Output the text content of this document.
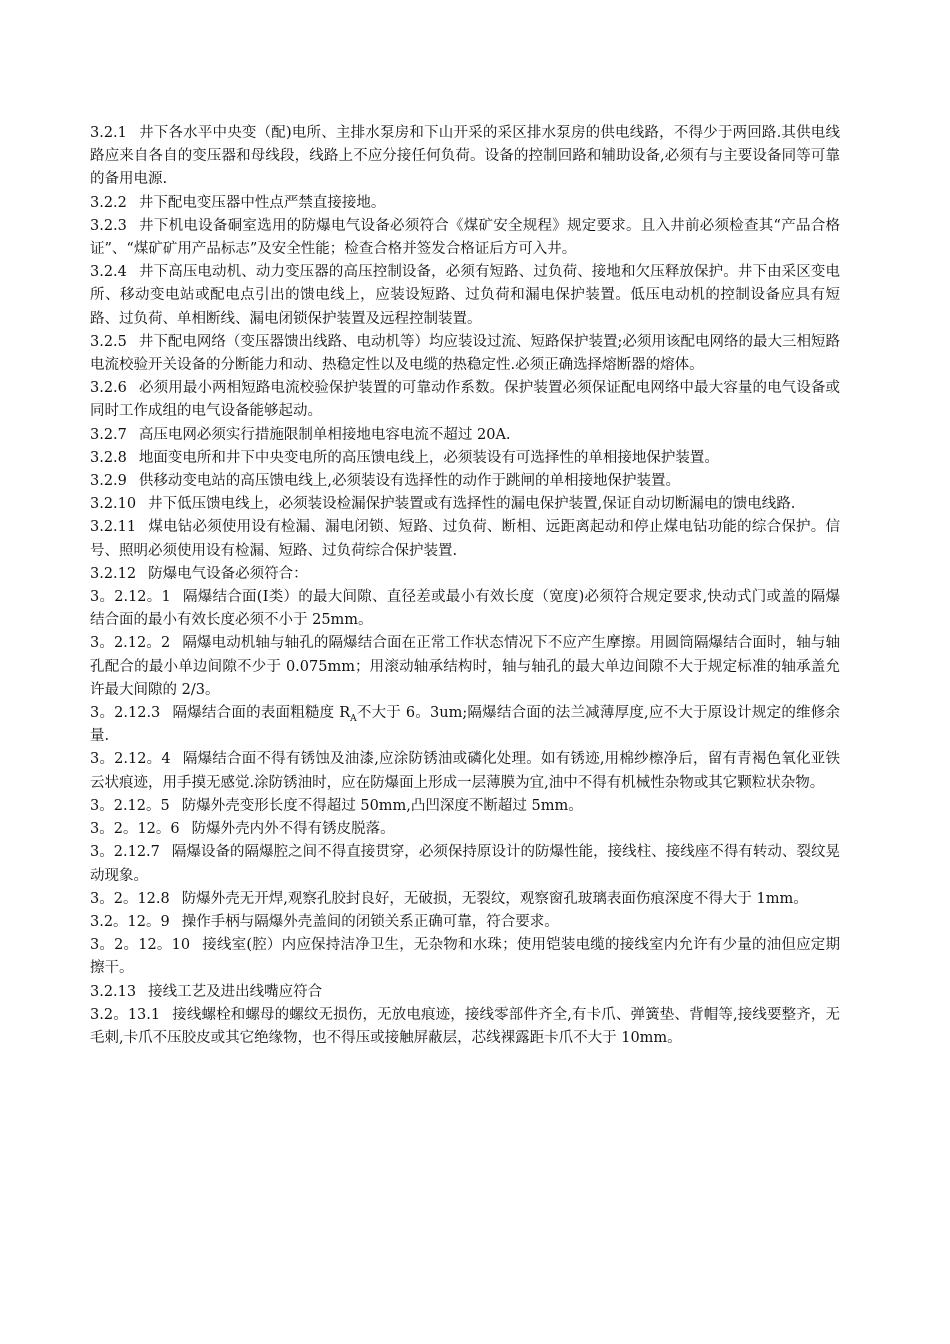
3.2.1 井下各水平中央变（配)电所、主排水泵房和下山开采的采区排水泵房的供电线路，不得少于两回路.其供电线路应来自各自的变压器和母线段，线路上不应分接任何负荷。设备的控制回路和辅助设备,必须有与主要设备同等可靠的备用电源.

3.2.2 井下配电变压器中性点严禁直接接地。

3.2.3 井下机电设备硐室选用的防爆电气设备必须符合《煤矿安全规程》规定要求。且入井前必须检查其“产品合格证”、“煤矿矿用产品标志”及安全性能；检查合格并签发合格证后方可入井。

3.2.4 井下高压电动机、动力变压器的高压控制设备，必须有短路、过负荷、接地和欠压释放保护。井下由采区变电所、移动变电站或配电点引出的馈电线上，应装设短路、过负荷和漏电保护装置。低压电动机的控制设备应具有短路、过负荷、单相断线、漏电闭锁保护装置及远程控制装置。

3.2.5 井下配电网络（变压器馈出线路、电动机等）均应装设过流、短路保护装置;必须用该配电网络的最大三相短路电流校验开关设备的分断能力和动、热稳定性以及电缆的热稳定性.必须正确选择熔断器的熔体。

3.2.6 必须用最小两相短路电流校验保护装置的可靠动作系数。保护装置必须保证配电网络中最大容量的电气设备或同时工作成组的电气设备能够起动。

3.2.7 高压电网必须实行措施限制单相接地电容电流不超过 20A.

3.2.8 地面变电所和井下中央变电所的高压馈电线上，必须装设有可选择性的单相接地保护装置。

3.2.9 供移动变电站的高压馈电线上,必须装设有选择性的动作于跳闸的单相接地保护装置。

3.2.10 井下低压馈电线上，必须装设检漏保护装置或有选择性的漏电保护装置,保证自动切断漏电的馈电线路.

3.2.11 煤电钻必须使用设有检漏、漏电闭锁、短路、过负荷、断相、远距离起动和停止煤电钻功能的综合保护。信号、照明必须使用设有检漏、短路、过负荷综合保护装置.

3.2.12 防爆电气设备必须符合：

3。2.12。1 隔爆结合面(Ⅰ类）的最大间隙、直径差或最小有效长度（宽度)必须符合规定要求,快动式门或盖的隔爆结合面的最小有效长度必须不小于 25mm。

3。2.12。2 隔爆电动机轴与轴孔的隔爆结合面在正常工作状态情况下不应产生摩擦。用圆筒隔爆结合面时，轴与轴孔配合的最小单边间隙不少于 0.075mm；用滚动轴承结构时，轴与轴孔的最大单边间隙不大于规定标准的轴承盖允许最大间隙的 2/3。

3。2.12.3 隔爆结合面的表面粗糙度 $R_A$不大于 6。3um;隔爆结合面的法兰减薄厚度,应不大于原设计规定的维修余量.

3。2.12。4 隔爆结合面不得有锈蚀及油漆,应涂防锈油或磷化处理。如有锈迹,用棉纱檫净后，留有青褐色氧化亚铁云状痕迹，用手摸无感觉.涂防锈油时，应在防爆面上形成一层薄膜为宜,油中不得有机械性杂物或其它颗粒状杂物。

3。2.12。5 防爆外壳变形长度不得超过 50mm,凸凹深度不断超过 5mm。

3。2。12。6 防爆外壳内外不得有锈皮脱落。

3。2.12.7 隔爆设备的隔爆腔之间不得直接贯穿，必须保持原设计的防爆性能，接线柱、接线座不得有转动、裂纹晃动现象。

3。2。12.8 防爆外壳无开焊,观察孔胶封良好，无破损，无裂纹，观察窗孔玻璃表面伤痕深度不得大于 1mm。

3.2。12。9 操作手柄与隔爆外壳盖间的闭锁关系正确可靠，符合要求。

3。2。12。10 接线室(腔）内应保持洁净卫生，无杂物和水珠；使用铠装电缆的接线室内允许有少量的油但应定期擦干。

3.2.13 接线工艺及进出线嘴应符合

3.2。13.1 接线螺栓和螺母的螺纹无损伤，无放电痕迹，接线零部件齐全,有卡爪、弹簧垫、背帽等,接线要整齐，无毛刺,卡爪不压胶皮或其它绝缘物，也不得压或接触屏蔽层，芯线裸露距卡爪不大于 10mm。
